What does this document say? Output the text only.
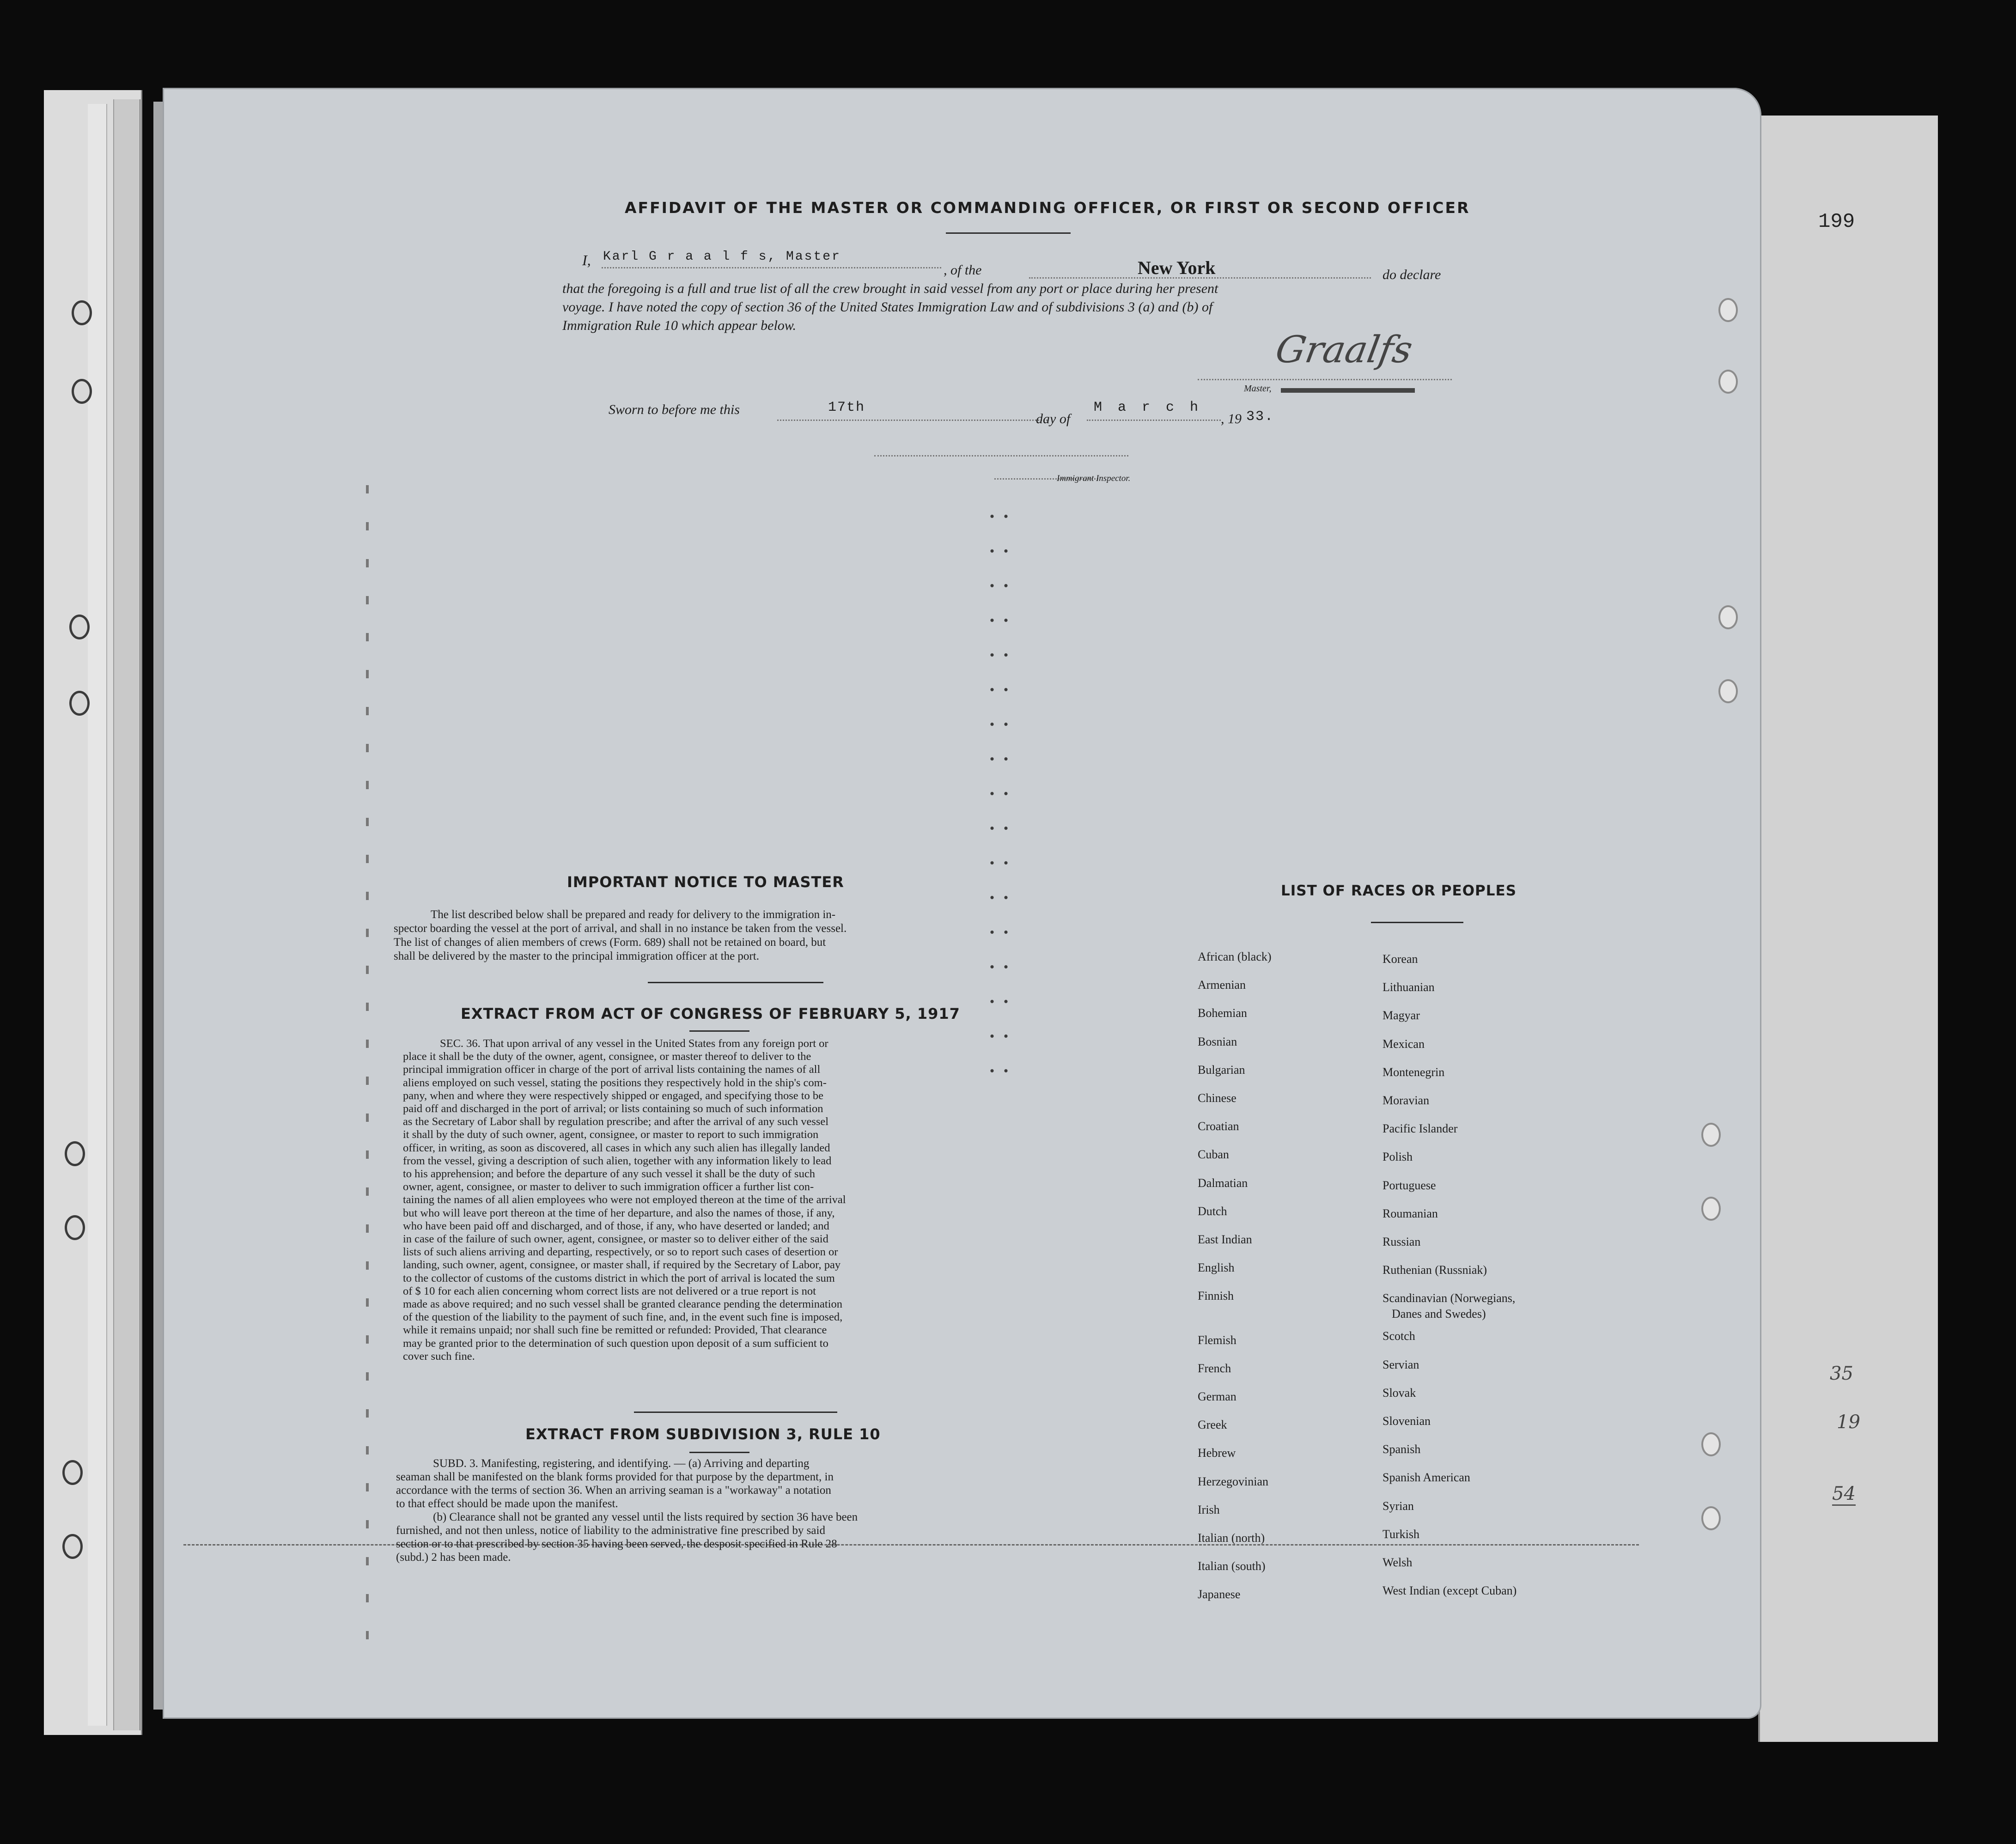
199
35
19
54
AFFIDAVIT OF THE MASTER OR COMMANDING OFFICER, OR FIRST OR SECOND OFFICER
I, Karl G r a a l f s, Master
, of the	New York	do declare
that the foregoing is a full and true list of all the crew brought in said vessel from any port or place during her present
voyage. I have noted the copy of section 36 of the United States Immigration Law and of subdivisions 3 (a) and (b) of
Immigration Rule 10 which appear below.
Graalfs
Master,
Sworn to before me this	17th
day of
M a r c h
, 19 33.
Immigrant Inspector.
IMPORTANT NOTICE TO MASTER
The list described below shall be prepared and ready for delivery to the immigration in-
spector boarding the vessel at the port of arrival, and shall in no instance be taken from the vessel.
The list of changes of alien members of crews (Form. 689) shall not be retained on board, but
shall be delivered by the master to the principal immigration officer at the port.
EXTRACT FROM ACT OF CONGRESS OF FEBRUARY 5, 1917
SEC. 36. That upon arrival of any vessel in the United States from any foreign port or
place it shall be the duty of the owner, agent, consignee, or master thereof to deliver to the
principal immigration officer in charge of the port of arrival lists containing the names of all
aliens employed on such vessel, stating the positions they respectively hold in the ship's com-
pany, when and where they were respectively shipped or engaged, and specifying those to be
paid off and discharged in the port of arrival; or lists containing so much of such information
as the Secretary of Labor shall by regulation prescribe; and after the arrival of any such vessel
it shall by the duty of such owner, agent, consignee, or master to report to such immigration
officer, in writing, as soon as discovered, all cases in which any such alien has illegally landed
from the vessel, giving a description of such alien, together with any information likely to lead
to his apprehension; and before the departure of any such vessel it shall be the duty of such
owner, agent, consignee, or master to deliver to such immigration officer a further list con-
taining the names of all alien employees who were not employed thereon at the time of the arrival
but who will leave port thereon at the time of her departure, and also the names of those, if any,
who have been paid off and discharged, and of those, if any, who have deserted or landed; and
in case of the failure of such owner, agent, consignee, or master so to deliver either of the said
lists of such aliens arriving and departing, respectively, or so to report such cases of desertion or
landing, such owner, agent, consignee, or master shall, if required by the Secretary of Labor, pay
to the collector of customs of the customs district in which the port of arrival is located the sum
of $ 10 for each alien concerning whom correct lists are not delivered or a true report is not
made as above required; and no such vessel shall be granted clearance pending the determination
of the question of the liability to the payment of such fine, and, in the event such fine is imposed,
while it remains unpaid; nor shall such fine be remitted or refunded: Provided, That clearance
may be granted prior to the determination of such question upon deposit of a sum sufficient to
cover such fine.
EXTRACT FROM SUBDIVISION 3, RULE 10
SUBD. 3. Manifesting, registering, and identifying. — (a) Arriving and departing
seaman shall be manifested on the blank forms provided for that purpose by the department, in
accordance with the terms of section 36. When an arriving seaman is a "workaway" a notation
to that effect should be made upon the manifest.
(b) Clearance shall not be granted any vessel until the lists required by section 36 have been
furnished, and not then unless, notice of liability to the administrative fine prescribed by said
section or to that prescribed by section 35 having been served, the desposit specified in Rule 28
(subd.) 2 has been made.
LIST OF RACES OR PEOPLES
African (black)
Armenian
Bohemian
Bosnian
Bulgarian
Chinese
Croatian
Cuban
Dalmatian
Dutch
East Indian
English
Finnish
Flemish
French
German
Greek
Hebrew
Herzegovinian
Irish
Italian (north)
Italian (south)
Japanese
Korean
Lithuanian
Magyar
Mexican
Montenegrin
Moravian
Pacific Islander
Polish
Portuguese
Roumanian
Russian
Ruthenian (Russniak)
Scandinavian (Norwegians,
Danes and Swedes)
Scotch
Servian
Slovak
Slovenian
Spanish
Spanish American
Syrian
Turkish
Welsh
West Indian (except Cuban)
